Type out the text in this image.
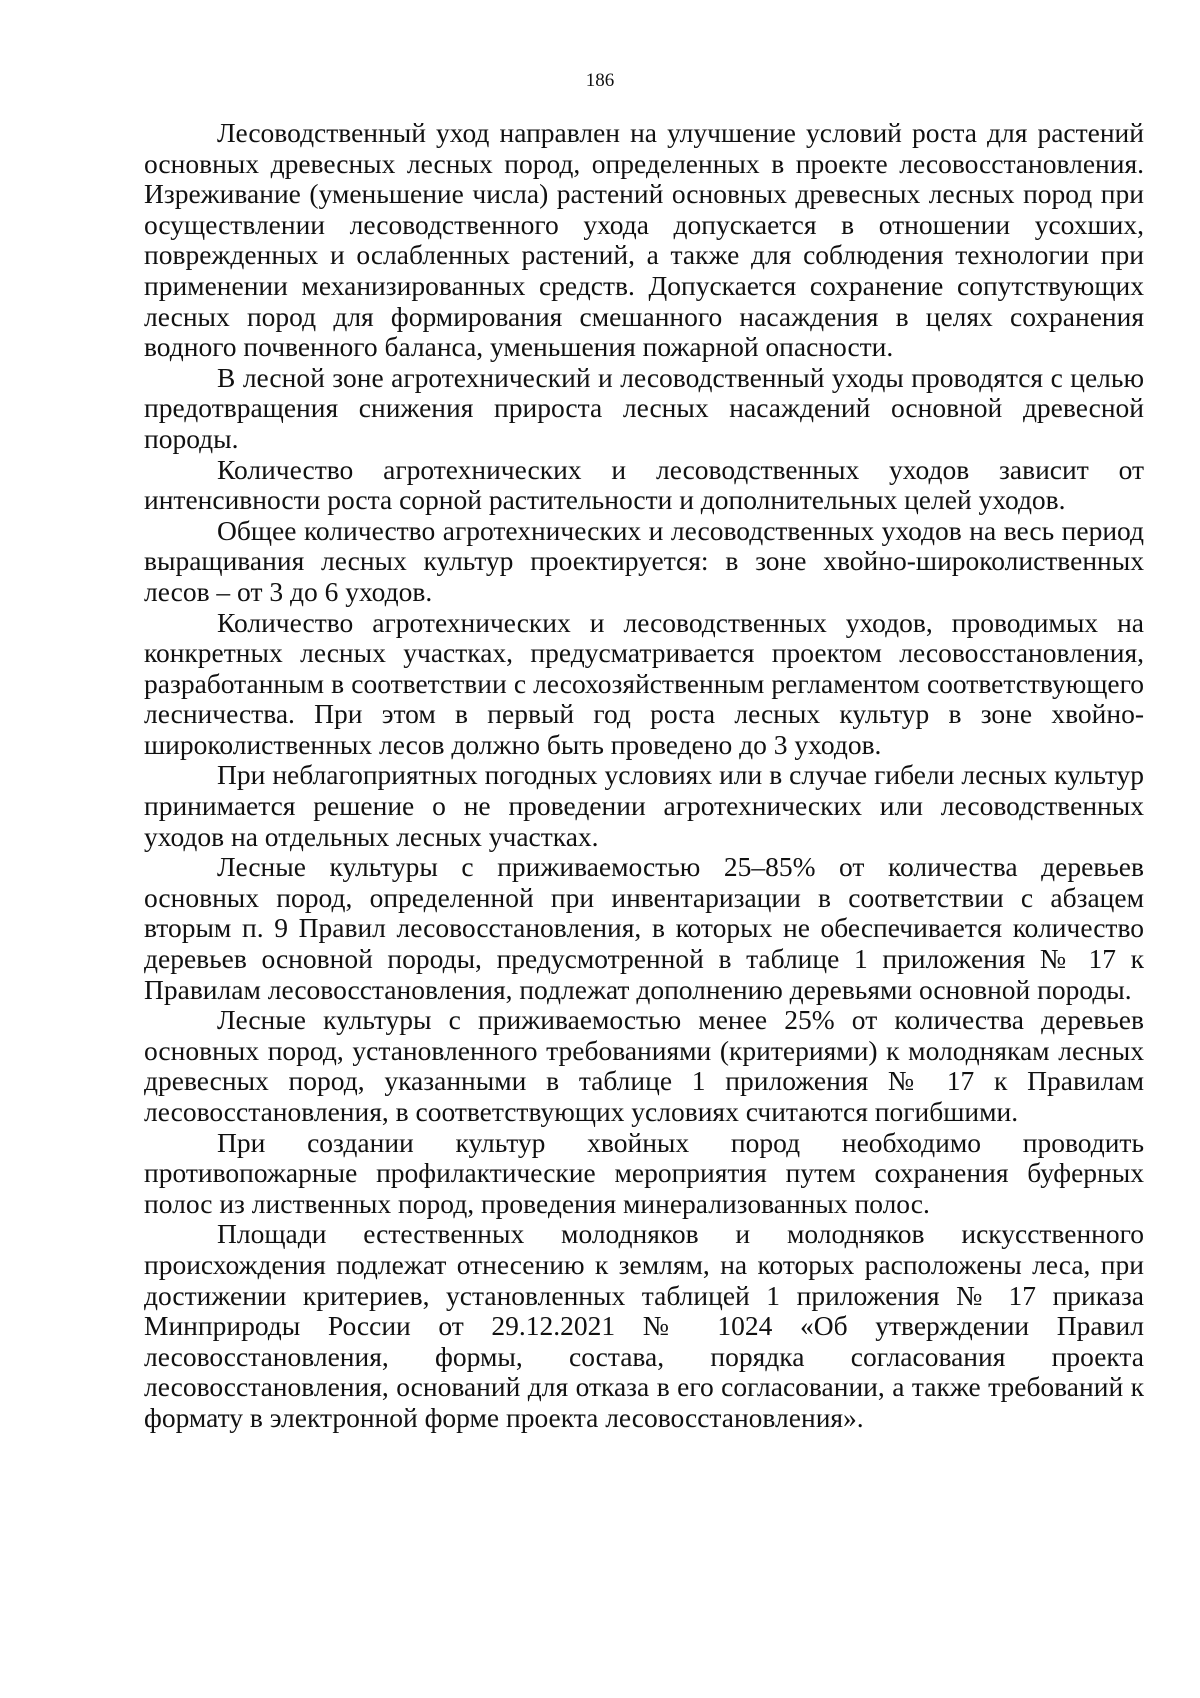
186

Лесоводственный уход направлен на улучшение условий роста для растений основных древесных лесных пород, определенных в проекте лесовосстановления. Изреживание (уменьшение числа) растений основных древесных лесных пород при осуществлении лесоводственного ухода допускается в отношении усохших, поврежденных и ослабленных растений, а также для соблюдения технологии при применении механизированных средств. Допускается сохранение сопутствующих лесных пород для формирования смешанного насаждения в целях сохранения водного почвенного баланса, уменьшения пожарной опасности.

В лесной зоне агротехнический и лесоводственный уходы проводятся с целью предотвращения снижения прироста лесных насаждений основной древесной породы.

Количество агротехнических и лесоводственных уходов зависит от интенсивности роста сорной растительности и дополнительных целей уходов.

Общее количество агротехнических и лесоводственных уходов на весь период выращивания лесных культур проектируется: в зоне хвойно-широколиственных лесов – от 3 до 6 уходов.

Количество агротехнических и лесоводственных уходов, проводимых на конкретных лесных участках, предусматривается проектом лесовосстановления, разработанным в соответствии с лесохозяйственным регламентом соответствующего лесничества. При этом в первый год роста лесных культур в зоне хвойно-широколиственных лесов должно быть проведено до 3 уходов.

При неблагоприятных погодных условиях или в случае гибели лесных культур принимается решение о не проведении агротехнических или лесоводственных уходов на отдельных лесных участках.

Лесные культуры с приживаемостью 25–85% от количества деревьев основных пород, определенной при инвентаризации в соответствии с абзацем вторым п. 9 Правил лесовосстановления, в которых не обеспечивается количество деревьев основной породы, предусмотренной в таблице 1 приложения № 17 к Правилам лесовосстановления, подлежат дополнению деревьями основной породы.

Лесные культуры с приживаемостью менее 25% от количества деревьев основных пород, установленного требованиями (критериями) к молоднякам лесных древесных пород, указанными в таблице 1 приложения № 17 к Правилам лесовосстановления, в соответствующих условиях считаются погибшими.

При создании культур хвойных пород необходимо проводить противопожарные профилактические мероприятия путем сохранения буферных полос из лиственных пород, проведения минерализованных полос.

Площади естественных молодняков и молодняков искусственного происхождения подлежат отнесению к землям, на которых расположены леса, при достижении критериев, установленных таблицей 1 приложения № 17 приказа Минприроды России от 29.12.2021 № 1024 «Об утверждении Правил лесовосстановления, формы, состава, порядка согласования проекта лесовосстановления, оснований для отказа в его согласовании, а также требований к формату в электронной форме проекта лесовосстановления».
